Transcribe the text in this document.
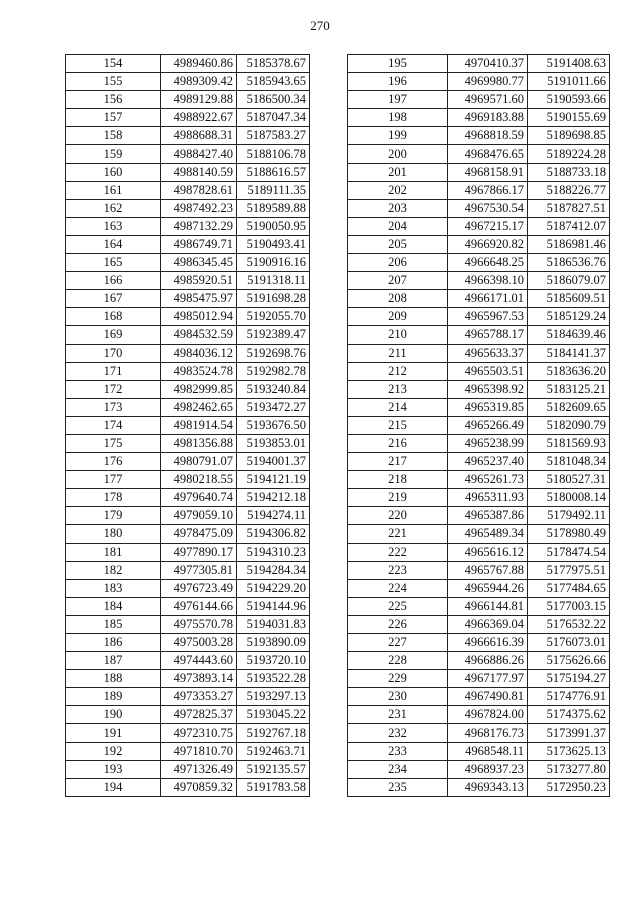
270
154	4989460.86	5185378.67
155	4989309.42	5185943.65
156	4989129.88	5186500.34
157	4988922.67	5187047.34
158	4988688.31	5187583.27
159	4988427.40	5188106.78
160	4988140.59	5188616.57
161	4987828.61	5189111.35
162	4987492.23	5189589.88
163	4987132.29	5190050.95
164	4986749.71	5190493.41
165	4986345.45	5190916.16
166	4985920.51	5191318.11
167	4985475.97	5191698.28
168	4985012.94	5192055.70
169	4984532.59	5192389.47
170	4984036.12	5192698.76
171	4983524.78	5192982.78
172	4982999.85	5193240.84
173	4982462.65	5193472.27
174	4981914.54	5193676.50
175	4981356.88	5193853.01
176	4980791.07	5194001.37
177	4980218.55	5194121.19
178	4979640.74	5194212.18
179	4979059.10	5194274.11
180	4978475.09	5194306.82
181	4977890.17	5194310.23
182	4977305.81	5194284.34
183	4976723.49	5194229.20
184	4976144.66	5194144.96
185	4975570.78	5194031.83
186	4975003.28	5193890.09
187	4974443.60	5193720.10
188	4973893.14	5193522.28
189	4973353.27	5193297.13
190	4972825.37	5193045.22
191	4972310.75	5192767.18
192	4971810.70	5192463.71
193	4971326.49	5192135.57
194	4970859.32	5191783.58
195	4970410.37	5191408.63
196	4969980.77	5191011.66
197	4969571.60	5190593.66
198	4969183.88	5190155.69
199	4968818.59	5189698.85
200	4968476.65	5189224.28
201	4968158.91	5188733.18
202	4967866.17	5188226.77
203	4967530.54	5187827.51
204	4967215.17	5187412.07
205	4966920.82	5186981.46
206	4966648.25	5186536.76
207	4966398.10	5186079.07
208	4966171.01	5185609.51
209	4965967.53	5185129.24
210	4965788.17	5184639.46
211	4965633.37	5184141.37
212	4965503.51	5183636.20
213	4965398.92	5183125.21
214	4965319.85	5182609.65
215	4965266.49	5182090.79
216	4965238.99	5181569.93
217	4965237.40	5181048.34
218	4965261.73	5180527.31
219	4965311.93	5180008.14
220	4965387.86	5179492.11
221	4965489.34	5178980.49
222	4965616.12	5178474.54
223	4965767.88	5177975.51
224	4965944.26	5177484.65
225	4966144.81	5177003.15
226	4966369.04	5176532.22
227	4966616.39	5176073.01
228	4966886.26	5175626.66
229	4967177.97	5175194.27
230	4967490.81	5174776.91
231	4967824.00	5174375.62
232	4968176.73	5173991.37
233	4968548.11	5173625.13
234	4968937.23	5173277.80
235	4969343.13	5172950.23
